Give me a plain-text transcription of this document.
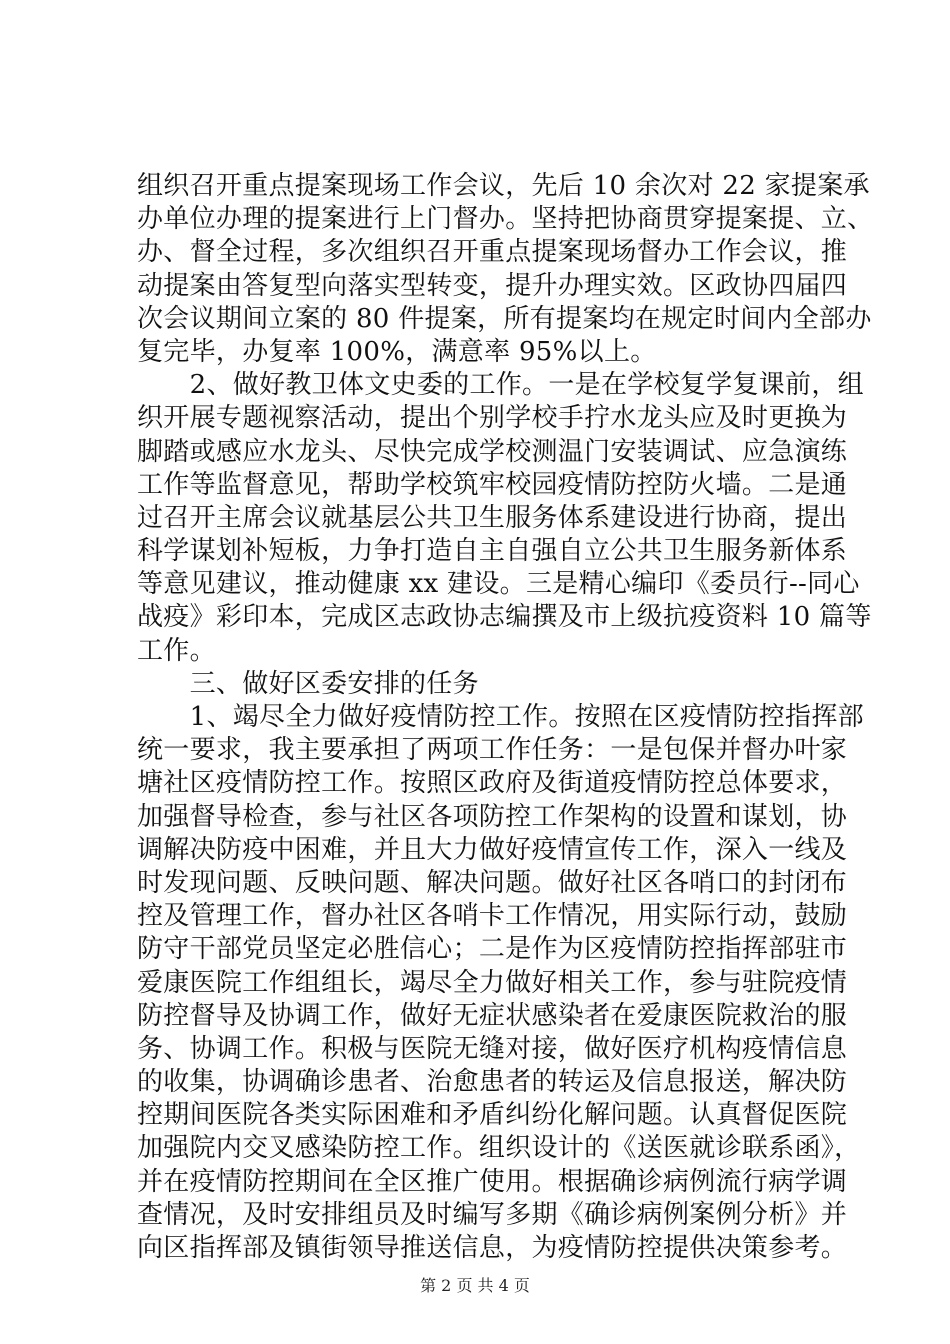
组织召开重点提案现场工作会议，先后 10 余次对 22 家提案承
办单位办理的提案进行上门督办。坚持把协商贯穿提案提、立、
办、督全过程，多次组织召开重点提案现场督办工作会议，推
动提案由答复型向落实型转变，提升办理实效。区政协四届四
次会议期间立案的 80 件提案，所有提案均在规定时间内全部办
复完毕，办复率 100%，满意率 95%以上。
　　2、做好教卫体文史委的工作。一是在学校复学复课前，组
织开展专题视察活动，提出个别学校手拧水龙头应及时更换为
脚踏或感应水龙头、尽快完成学校测温门安装调试、应急演练
工作等监督意见，帮助学校筑牢校园疫情防控防火墙。二是通
过召开主席会议就基层公共卫生服务体系建设进行协商，提出
科学谋划补短板，力争打造自主自强自立公共卫生服务新体系
等意见建议，推动健康 xx 建设。三是精心编印《委员行--同心
战疫》彩印本，完成区志政协志编撰及市上级抗疫资料 10 篇等
工作。
　　三、做好区委安排的任务
　　1、竭尽全力做好疫情防控工作。按照在区疫情防控指挥部
统一要求，我主要承担了两项工作任务：一是包保并督办叶家
塘社区疫情防控工作。按照区政府及街道疫情防控总体要求，
加强督导检查，参与社区各项防控工作架构的设置和谋划，协
调解决防疫中困难，并且大力做好疫情宣传工作，深入一线及
时发现问题、反映问题、解决问题。做好社区各哨口的封闭布
控及管理工作，督办社区各哨卡工作情况，用实际行动，鼓励
防守干部党员坚定必胜信心；二是作为区疫情防控指挥部驻市
爱康医院工作组组长，竭尽全力做好相关工作，参与驻院疫情
防控督导及协调工作，做好无症状感染者在爱康医院救治的服
务、协调工作。积极与医院无缝对接，做好医疗机构疫情信息
的收集，协调确诊患者、治愈患者的转运及信息报送，解决防
控期间医院各类实际困难和矛盾纠纷化解问题。认真督促医院
加强院内交叉感染防控工作。组织设计的《送医就诊联系函》，
并在疫情防控期间在全区推广使用。根据确诊病例流行病学调
查情况，及时安排组员及时编写多期《确诊病例案例分析》并
向区指挥部及镇街领导推送信息，为疫情防控提供决策参考。
第 2 页 共 4 页
